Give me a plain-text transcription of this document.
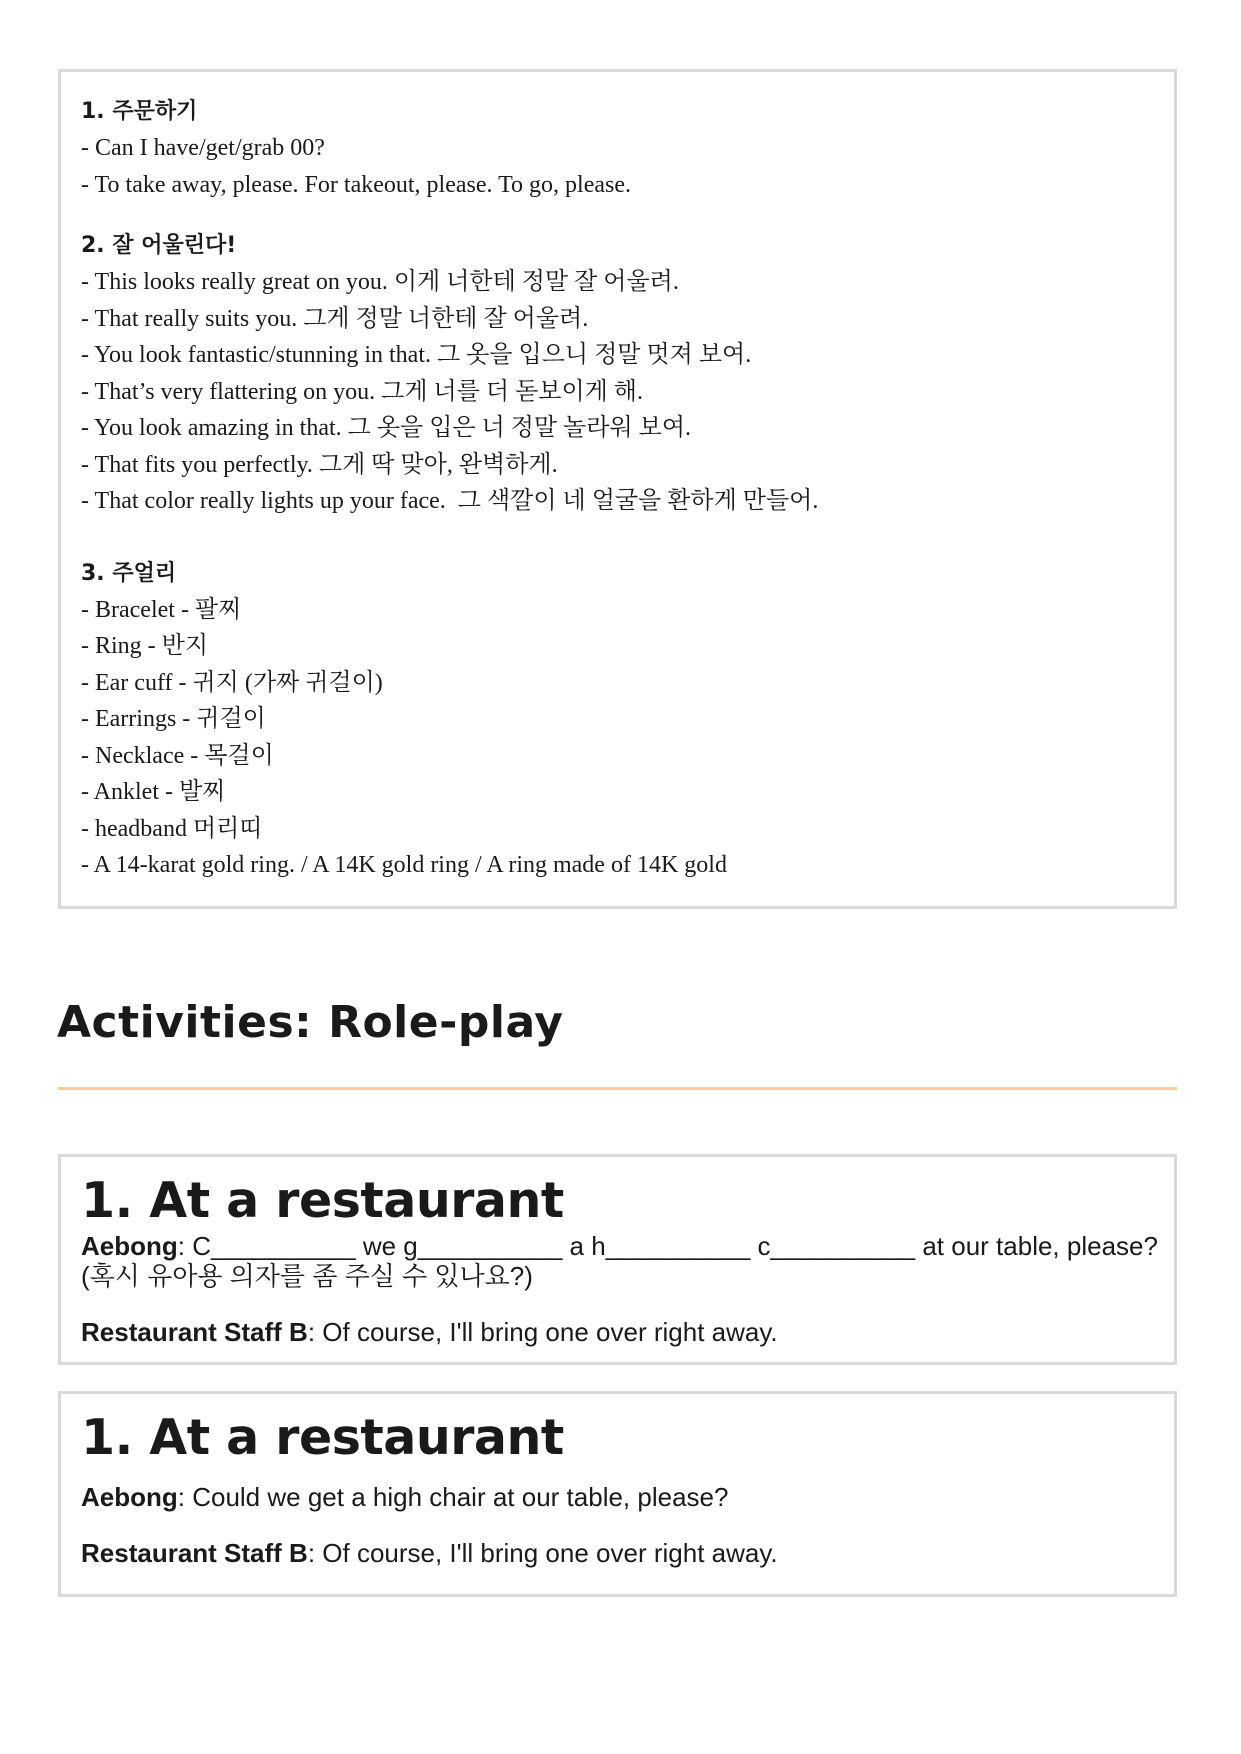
1. 주문하기

- Can I have/get/grab 00?

- To take away, please. For takeout, please. To go, please.

2. 잘 어울린다!

- This looks really great on you. 이게 너한테 정말 잘 어울려.

- That really suits you. 그게 정말 너한테 잘 어울려.

- You look fantastic/stunning in that. 그 옷을 입으니 정말 멋져 보여.

- That’s very flattering on you. 그게 너를 더 돋보이게 해.

- You look amazing in that. 그 옷을 입은 너 정말 놀라워 보여.

- That fits you perfectly. 그게 딱 맞아, 완벽하게.

- That color really lights up your face.  그 색깔이 네 얼굴을 환하게 만들어.

3. 주얼리

- Bracelet - 팔찌

- Ring - 반지

- Ear cuff - 귀지 (가짜 귀걸이)

- Earrings - 귀걸이

- Necklace - 목걸이

- Anklet - 발찌

- headband 머리띠

- A 14-karat gold ring. / A 14K gold ring / A ring made of 14K gold

Activities: Role-play

1. At a restaurant

Aebong: C__________ we g__________ a h__________ c__________ at our table, please?

(혹시 유아용 의자를 좀 주실 수 있나요?)

Restaurant Staff B: Of course, I'll bring one over right away.

1. At a restaurant

Aebong: Could we get a high chair at our table, please?

Restaurant Staff B: Of course, I'll bring one over right away.
